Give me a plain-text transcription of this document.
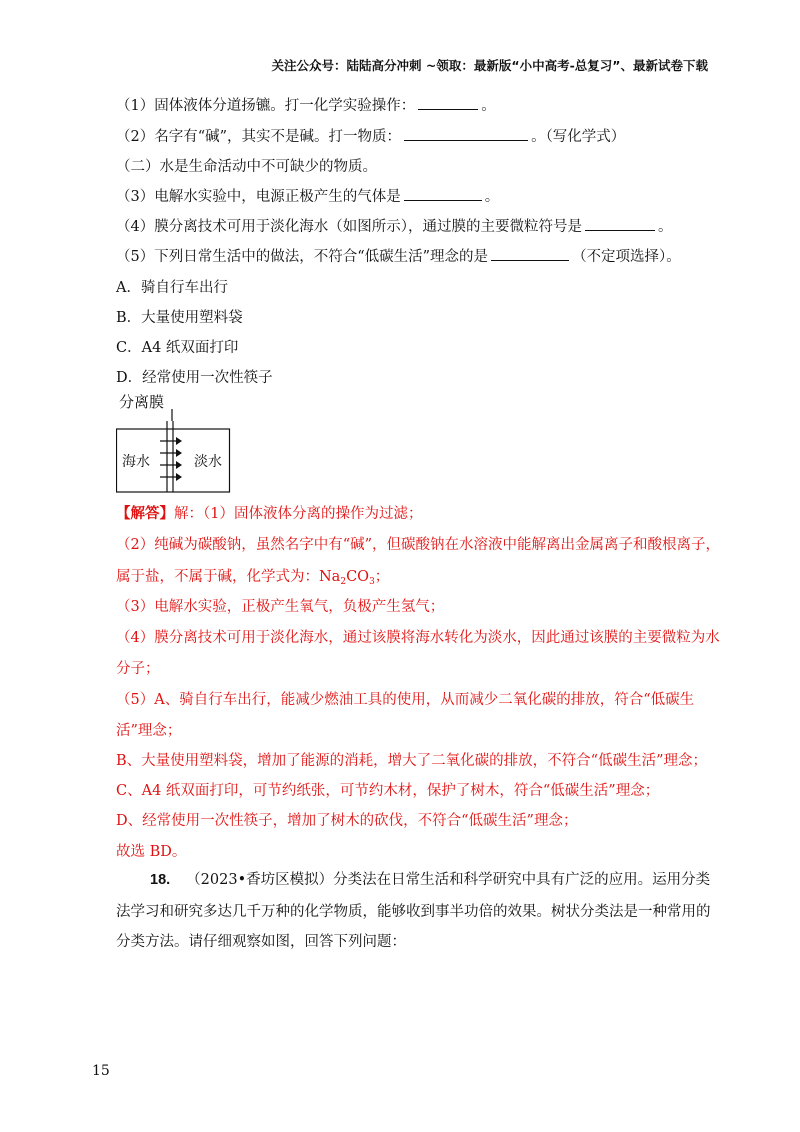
关注公众号：陆陆高分冲刺 ~领取：最新版“小中高考-总复习”、最新试卷下载
（1）固体液体分道扬镳。打一化学实验操作：	。
（2）名字有“碱”，其实不是碱。打一物质：	。（写化学式）
（二）水是生命活动中不可缺少的物质。
（3）电解水实验中，电源正极产生的气体是	。
（4）膜分离技术可用于淡化海水（如图所示），通过膜的主要微粒符号是	。
（5）下列日常生活中的做法，不符合“低碳生活”理念的是	（不定项选择）。
A．骑自行车出行
B．大量使用塑料袋
C．A4 纸双面打印
D．经常使用一次性筷子
分离膜
海水	淡水
【解答】解：（1）固体液体分离的操作为过滤；
（2）纯碱为碳酸钠，虽然名字中有“碱”，但碳酸钠在水溶液中能解离出金属离子和酸根离子，
属于盐，不属于碱，化学式为：$Na_2CO_3$；
（3）电解水实验，正极产生氧气，负极产生氢气；
（4）膜分离技术可用于淡化海水，通过该膜将海水转化为淡水，因此通过该膜的主要微粒为水
分子；
（5）A、骑自行车出行，能减少燃油工具的使用，从而减少二氧化碳的排放，符合“低碳生
活”理念；
B、大量使用塑料袋，增加了能源的消耗，增大了二氧化碳的排放，不符合“低碳生活”理念；
C、A4 纸双面打印，可节约纸张，可节约木材，保护了树木，符合“低碳生活”理念；
D、经常使用一次性筷子，增加了树木的砍伐，不符合“低碳生活”理念；
故选 BD。
18. （2023•香坊区模拟）分类法在日常生活和科学研究中具有广泛的应用。运用分类
法学习和研究多达几千万种的化学物质，能够收到事半功倍的效果。树状分类法是一种常用的
分类方法。请仔细观察如图，回答下列问题：
15
